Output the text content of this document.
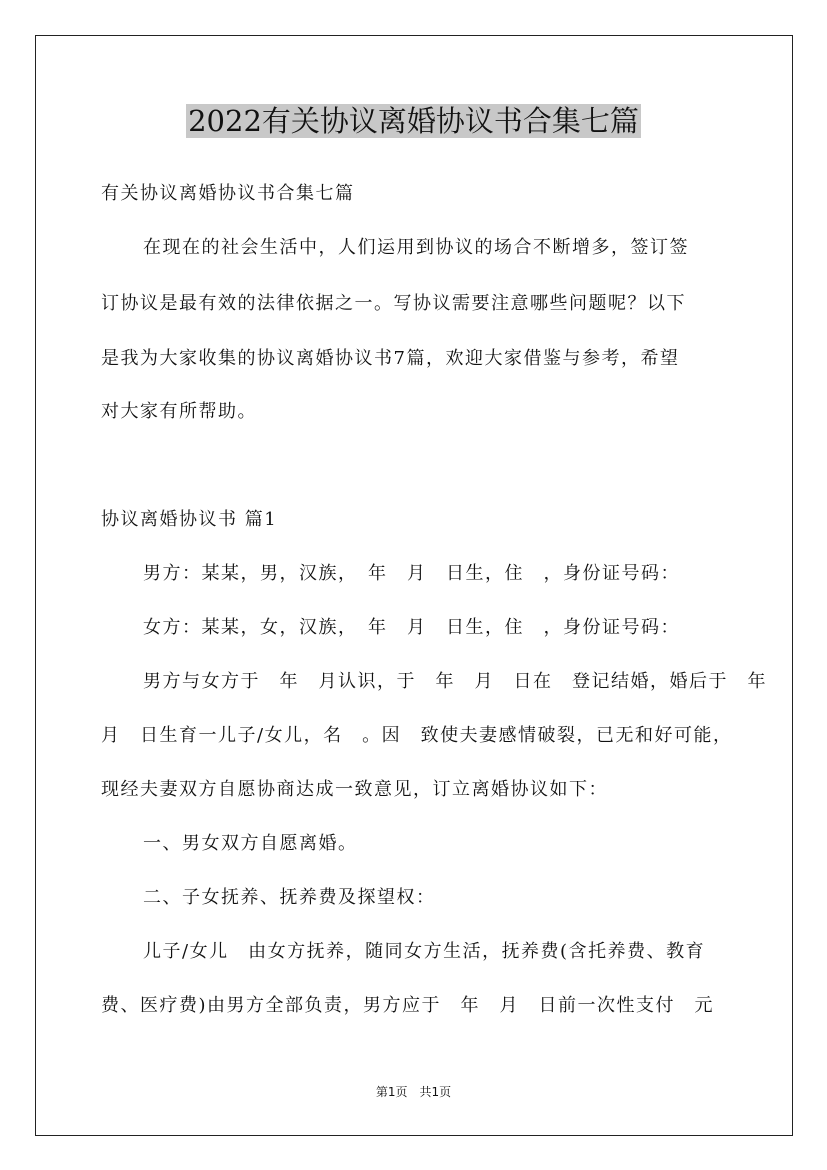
2022有关协议离婚协议书合集七篇
有关协议离婚协议书合集七篇
在现在的社会生活中，人们运用到协议的场合不断增多，签订签
订协议是最有效的法律依据之一。写协议需要注意哪些问题呢？以下
是我为大家收集的协议离婚协议书7篇，欢迎大家借鉴与参考，希望
对大家有所帮助。
协议离婚协议书 篇1
男方：某某，男，汉族，　年　月　日生，住　，身份证号码：
女方：某某，女，汉族，　年　月　日生，住　，身份证号码：
男方与女方于　年　月认识，于　年　月　日在　登记结婚，婚后于　年
月　日生育一儿子/女儿，名　。因　致使夫妻感情破裂，已无和好可能，
现经夫妻双方自愿协商达成一致意见，订立离婚协议如下：
一、男女双方自愿离婚。
二、子女抚养、抚养费及探望权：
儿子/女儿　由女方抚养，随同女方生活，抚养费(含托养费、教育
费、医疗费)由男方全部负责，男方应于　年　月　日前一次性支付　元
第1页　共1页
